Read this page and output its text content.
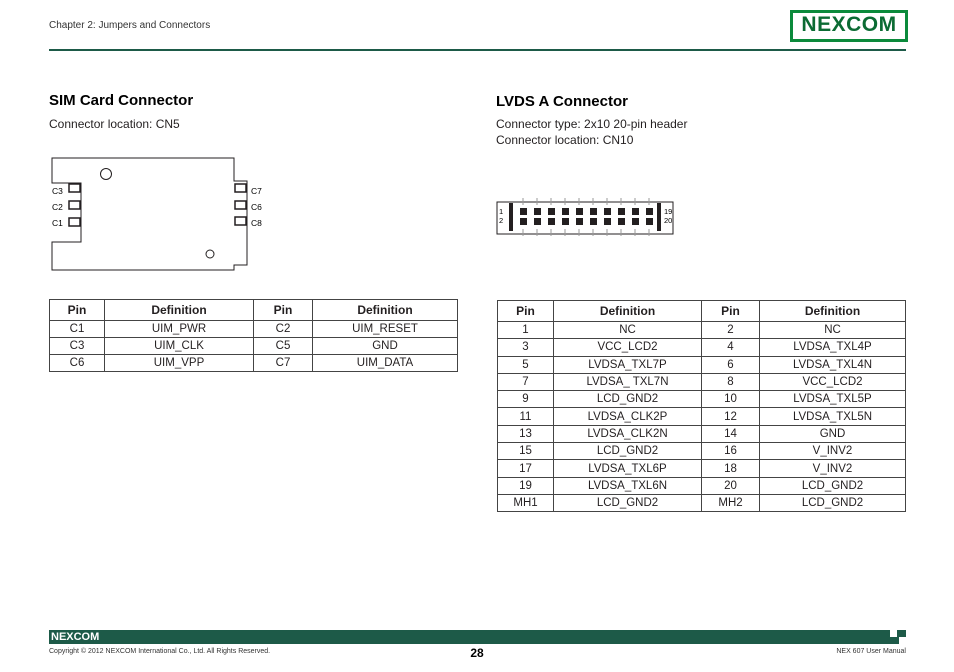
Chapter 2: Jumpers and Connectors	NEXCOM
SIM Card Connector
Connector location: CN5
C3
C2
C1
C7
C6
C8
Pin	Definition	Pin	Definition
C1	UIM_PWR	C2	UIM_RESET
C3	UIM_CLK	C5	GND
C6	UIM_VPP	C7	UIM_DATA
LVDS A Connector
Connector type: 2x10 20-pin header
Connector location: CN10
1
2
19
20
Pin	Definition	Pin	Definition
1	NC	2	NC
3	VCC_LCD2	4	LVDSA_TXL4P
5	LVDSA_TXL7P	6	LVDSA_TXL4N
7	LVDSA_ TXL7N	8	VCC_LCD2
9	LCD_GND2	10	LVDSA_TXL5P
11	LVDSA_CLK2P	12	LVDSA_TXL5N
13	LVDSA_CLK2N	14	GND
15	LCD_GND2	16	V_INV2
17	LVDSA_TXL6P	18	V_INV2
19	LVDSA_TXL6N	20	LCD_GND2
MH1	LCD_GND2	MH2	LCD_GND2
NEXCOM
Copyright © 2012 NEXCOM International Co., Ltd. All Rights Reserved.	28	NEX 607 User Manual
